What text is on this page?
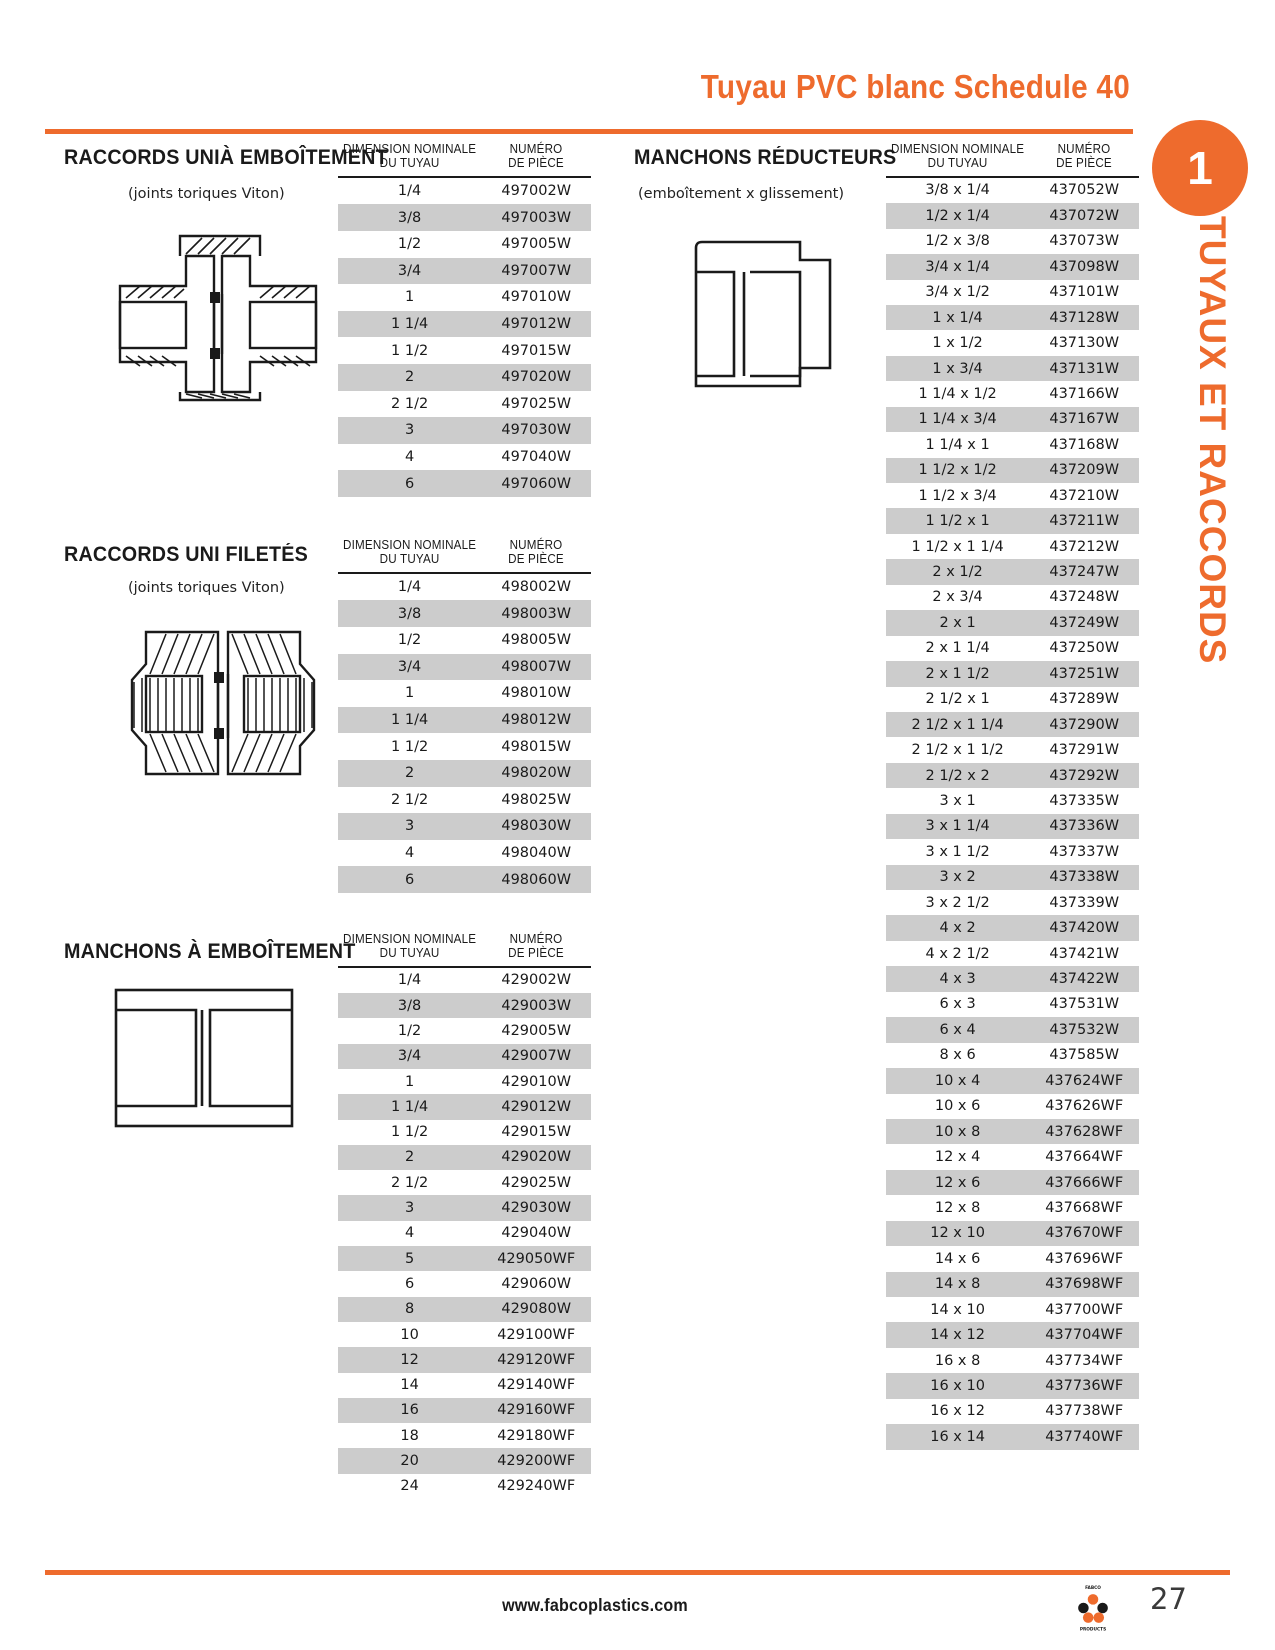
Tuyau PVC blanc Schedule 40
1
TUYAUX ET RACCORDS
RACCORDS UNIÀ EMBOÎTEMENT
(joints toriques Viton)
DIMENSION NOMINALE
DU TUYAU	NUMÉRO
DE PIÈCE
1/4	497002W
3/8	497003W
1/2	497005W
3/4	497007W
1	497010W
1 1/4	497012W
1 1/2	497015W
2	497020W
2 1/2	497025W
3	497030W
4	497040W
6	497060W
RACCORDS UNI FILETÉS
(joints toriques Viton)
DIMENSION NOMINALE
DU TUYAU	NUMÉRO
DE PIÈCE
1/4	498002W
3/8	498003W
1/2	498005W
3/4	498007W
1	498010W
1 1/4	498012W
1 1/2	498015W
2	498020W
2 1/2	498025W
3	498030W
4	498040W
6	498060W
MANCHONS À EMBOÎTEMENT
DIMENSION NOMINALE
DU TUYAU	NUMÉRO
DE PIÈCE
1/4	429002W
3/8	429003W
1/2	429005W
3/4	429007W
1	429010W
1 1/4	429012W
1 1/2	429015W
2	429020W
2 1/2	429025W
3	429030W
4	429040W
5	429050WF
6	429060W
8	429080W
10	429100WF
12	429120WF
14	429140WF
16	429160WF
18	429180WF
20	429200WF
24	429240WF
MANCHONS RÉDUCTEURS
(emboîtement x glissement)
DIMENSION NOMINALE
DU TUYAU	NUMÉRO
DE PIÈCE
3/8 x 1/4	437052W
1/2 x 1/4	437072W
1/2 x 3/8	437073W
3/4 x 1/4	437098W
3/4 x 1/2	437101W
1 x 1/4	437128W
1 x 1/2	437130W
1 x 3/4	437131W
1 1/4 x 1/2	437166W
1 1/4 x 3/4	437167W
1 1/4 x 1	437168W
1 1/2 x 1/2	437209W
1 1/2 x 3/4	437210W
1 1/2 x 1	437211W
1 1/2 x 1 1/4	437212W
2 x 1/2	437247W
2 x 3/4	437248W
2 x 1	437249W
2 x 1 1/4	437250W
2 x 1 1/2	437251W
2 1/2 x 1	437289W
2 1/2 x 1 1/4	437290W
2 1/2 x 1 1/2	437291W
2 1/2 x 2	437292W
3 x 1	437335W
3 x 1 1/4	437336W
3 x 1 1/2	437337W
3 x 2	437338W
3 x 2 1/2	437339W
4 x 2	437420W
4 x 2 1/2	437421W
4 x 3	437422W
6 x 3	437531W
6 x 4	437532W
8 x 6	437585W
10 x 4	437624WF
10 x 6	437626WF
10 x 8	437628WF
12 x 4	437664WF
12 x 6	437666WF
12 x 8	437668WF
12 x 10	437670WF
14 x 6	437696WF
14 x 8	437698WF
14 x 10	437700WF
14 x 12	437704WF
16 x 8	437734WF
16 x 10	437736WF
16 x 12	437738WF
16 x 14	437740WF
www.fabcoplastics.com
FABCO
PRODUCTS
27
